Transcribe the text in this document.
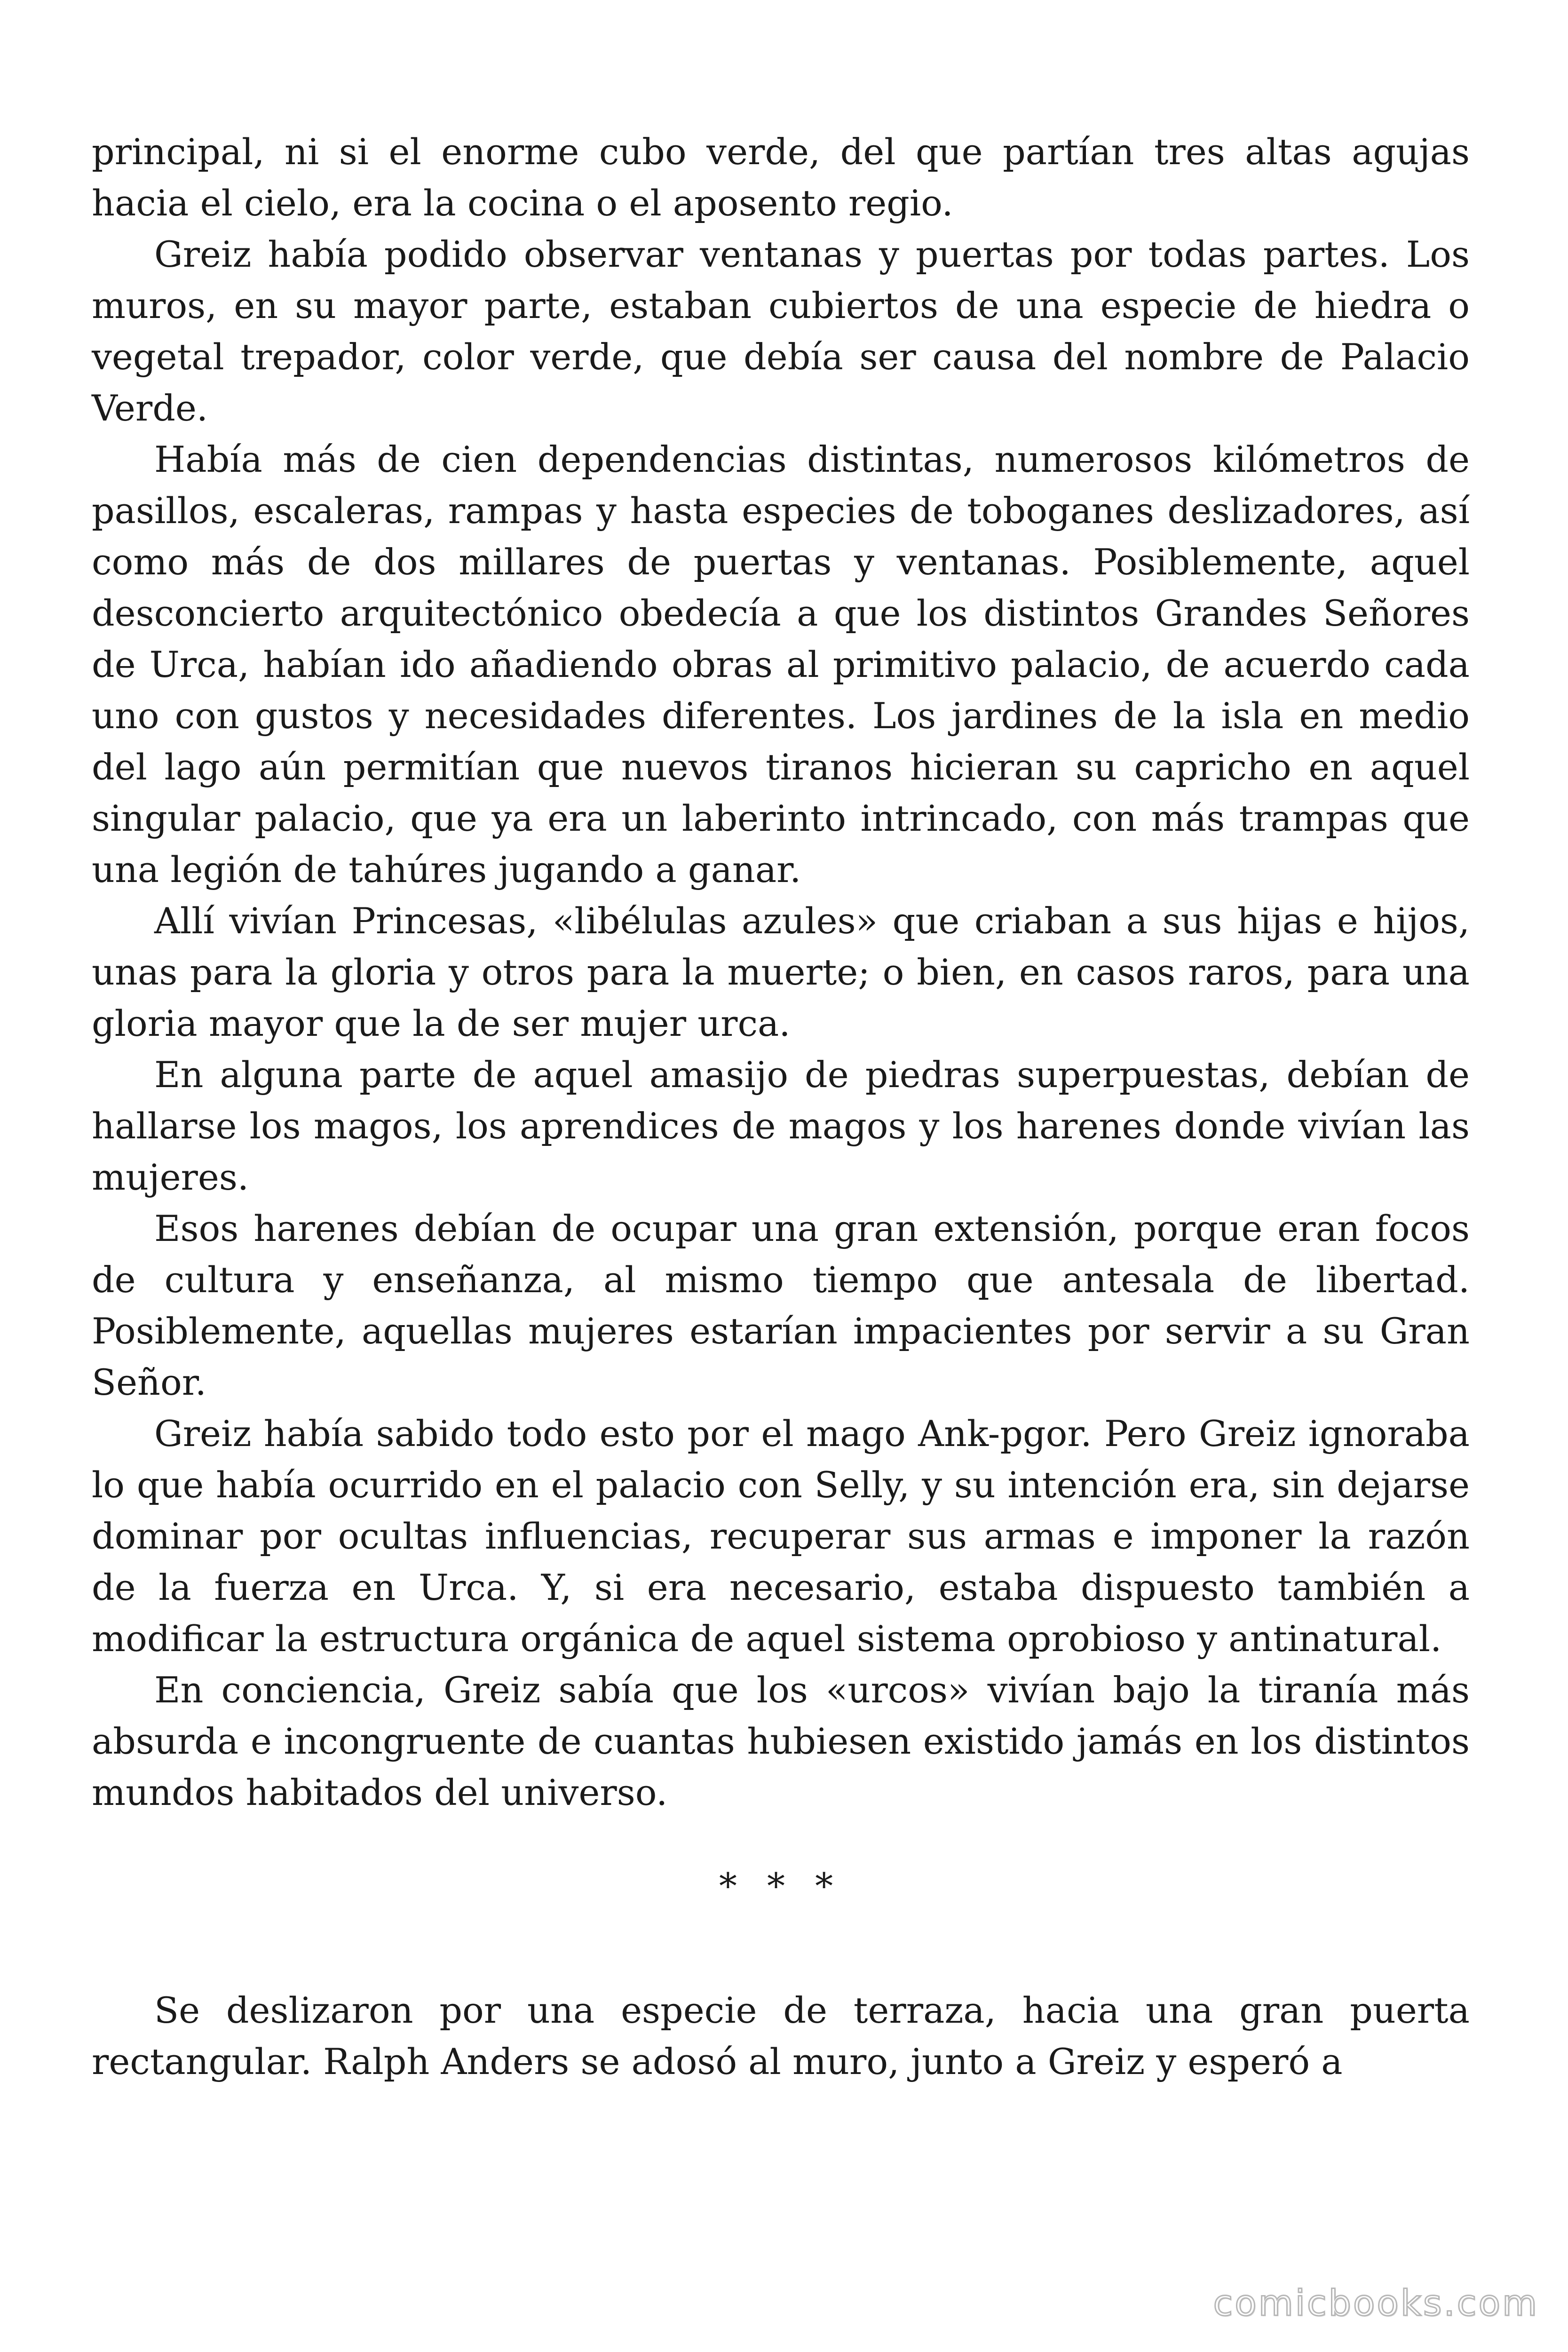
principal, ni si el enorme cubo verde, del que partían tres altas agujas hacia el cielo, era la cocina o el aposento regio.

Greiz había podido observar ventanas y puertas por todas partes. Los muros, en su mayor parte, estaban cubiertos de una especie de hiedra o vegetal trepador, color verde, que debía ser causa del nombre de Palacio Verde.

Había más de cien dependencias distintas, numerosos kilómetros de pasillos, escaleras, rampas y hasta especies de toboganes deslizadores, así como más de dos millares de puertas y ventanas. Posiblemente, aquel desconcierto arquitectónico obedecía a que los distintos Grandes Señores de Urca, habían ido añadiendo obras al primitivo palacio, de acuerdo cada uno con gustos y necesidades diferentes. Los jardines de la isla en medio del lago aún permitían que nuevos tiranos hicieran su capricho en aquel singular palacio, que ya era un laberinto intrincado, con más trampas que una legión de tahúres jugando a ganar.

Allí vivían Princesas, «libélulas azules» que criaban a sus hijas e hijos, unas para la gloria y otros para la muerte; o bien, en casos raros, para una gloria mayor que la de ser mujer urca.

En alguna parte de aquel amasijo de piedras superpuestas, debían de hallarse los magos, los aprendices de magos y los harenes donde vivían las mujeres.

Esos harenes debían de ocupar una gran extensión, porque eran focos de cultura y enseñanza, al mismo tiempo que antesala de libertad. Posiblemente, aquellas mujeres estarían impacientes por servir a su Gran Señor.

Greiz había sabido todo esto por el mago Ank-pgor. Pero Greiz ignoraba lo que había ocurrido en el palacio con Selly, y su intención era, sin dejarse dominar por ocultas influencias, recuperar sus armas e imponer la razón de la fuerza en Urca. Y, si era necesario, estaba dispuesto también a modificar la estructura orgánica de aquel sistema oprobioso y antinatural.

En conciencia, Greiz sabía que los «urcos» vivían bajo la tiranía más absurda e incongruente de cuantas hubiesen existido jamás en los distintos mundos habitados del universo.

* * *

Se deslizaron por una especie de terraza, hacia una gran puerta rectangular. Ralph Anders se adosó al muro, junto a Greiz y esperó a

comicbooks.com
